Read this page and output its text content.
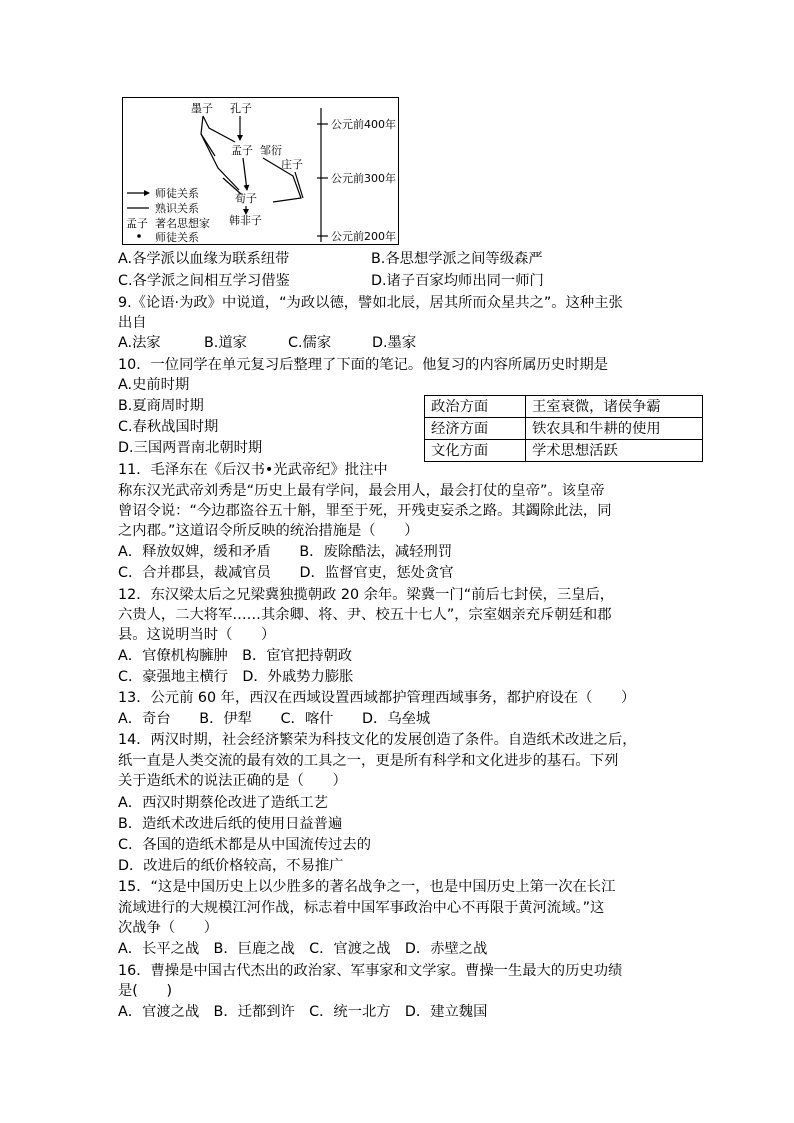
墨子 孔子
孟子 邹衍
庄子
荀子
韩非子
公元前400年
公元前300年
公元前200年
师徒关系
熟识关系
孟子 著名思想家
师徒关系
A.各学派以血缘为联系纽带	B.各思想学派之间等级森严
C.各学派之间相互学习借鉴	D.诸子百家均师出同一师门
9.《论语·为政》中说道，“为政以德，譬如北辰，居其所而众星共之”。这种主张
出自
A.法家	B.道家	C.儒家	D.墨家
10．一位同学在单元复习后整理了下面的笔记。他复习的内容所属历史时期是
A.史前时期
B.夏商周时期
C.春秋战国时期
D.三国两晋南北朝时期
政治方面	王室衰微，诸侯争霸
经济方面	铁农具和牛耕的使用
文化方面	学术思想活跃
11．毛泽东在《后汉书•光武帝纪》批注中
称东汉光武帝刘秀是“历史上最有学问，最会用人，最会打仗的皇帝”。该皇帝
曾诏令说：“今边郡盗谷五十斛，罪至于死，开残吏妄杀之路。其蠲除此法，同
之内郡。”这道诏令所反映的统治措施是（　　）
A．释放奴婢，缓和矛盾　　B．废除酷法，减轻刑罚
C．合并郡县，裁减官员　　D．监督官吏，惩处贪官
12．东汉梁太后之兄梁冀独揽朝政 20 余年。梁冀一门“前后七封侯，三皇后，
六贵人，二大将军……其余卿、将、尹、校五十七人”，宗室姻亲充斥朝廷和郡
县。这说明当时（　　）
A．官僚机构臃肿　B．宦官把持朝政
C．豪强地主横行　D．外戚势力膨胀
13．公元前 60 年，西汉在西域设置西域都护管理西域事务，都护府设在（　　）
A．奇台　　B．伊犁　　C．喀什　　D．乌垒城
14．两汉时期，社会经济繁荣为科技文化的发展创造了条件。自造纸术改进之后，
纸一直是人类交流的最有效的工具之一，更是所有科学和文化进步的基石。下列
关于造纸术的说法正确的是（　　）
A．西汉时期蔡伦改进了造纸工艺
B．造纸术改进后纸的使用日益普遍
C．各国的造纸术都是从中国流传过去的
D．改进后的纸价格较高，不易推广
15．“这是中国历史上以少胜多的著名战争之一，也是中国历史上第一次在长江
流域进行的大规模江河作战，标志着中国军事政治中心不再限于黄河流域。”这
次战争（　　）
A．长平之战　B．巨鹿之战　C．官渡之战　D．赤壁之战
16．曹操是中国古代杰出的政治家、军事家和文学家。曹操一生最大的历史功绩
是(　　)
A．官渡之战　B．迁都到许　C．统一北方　D．建立魏国
